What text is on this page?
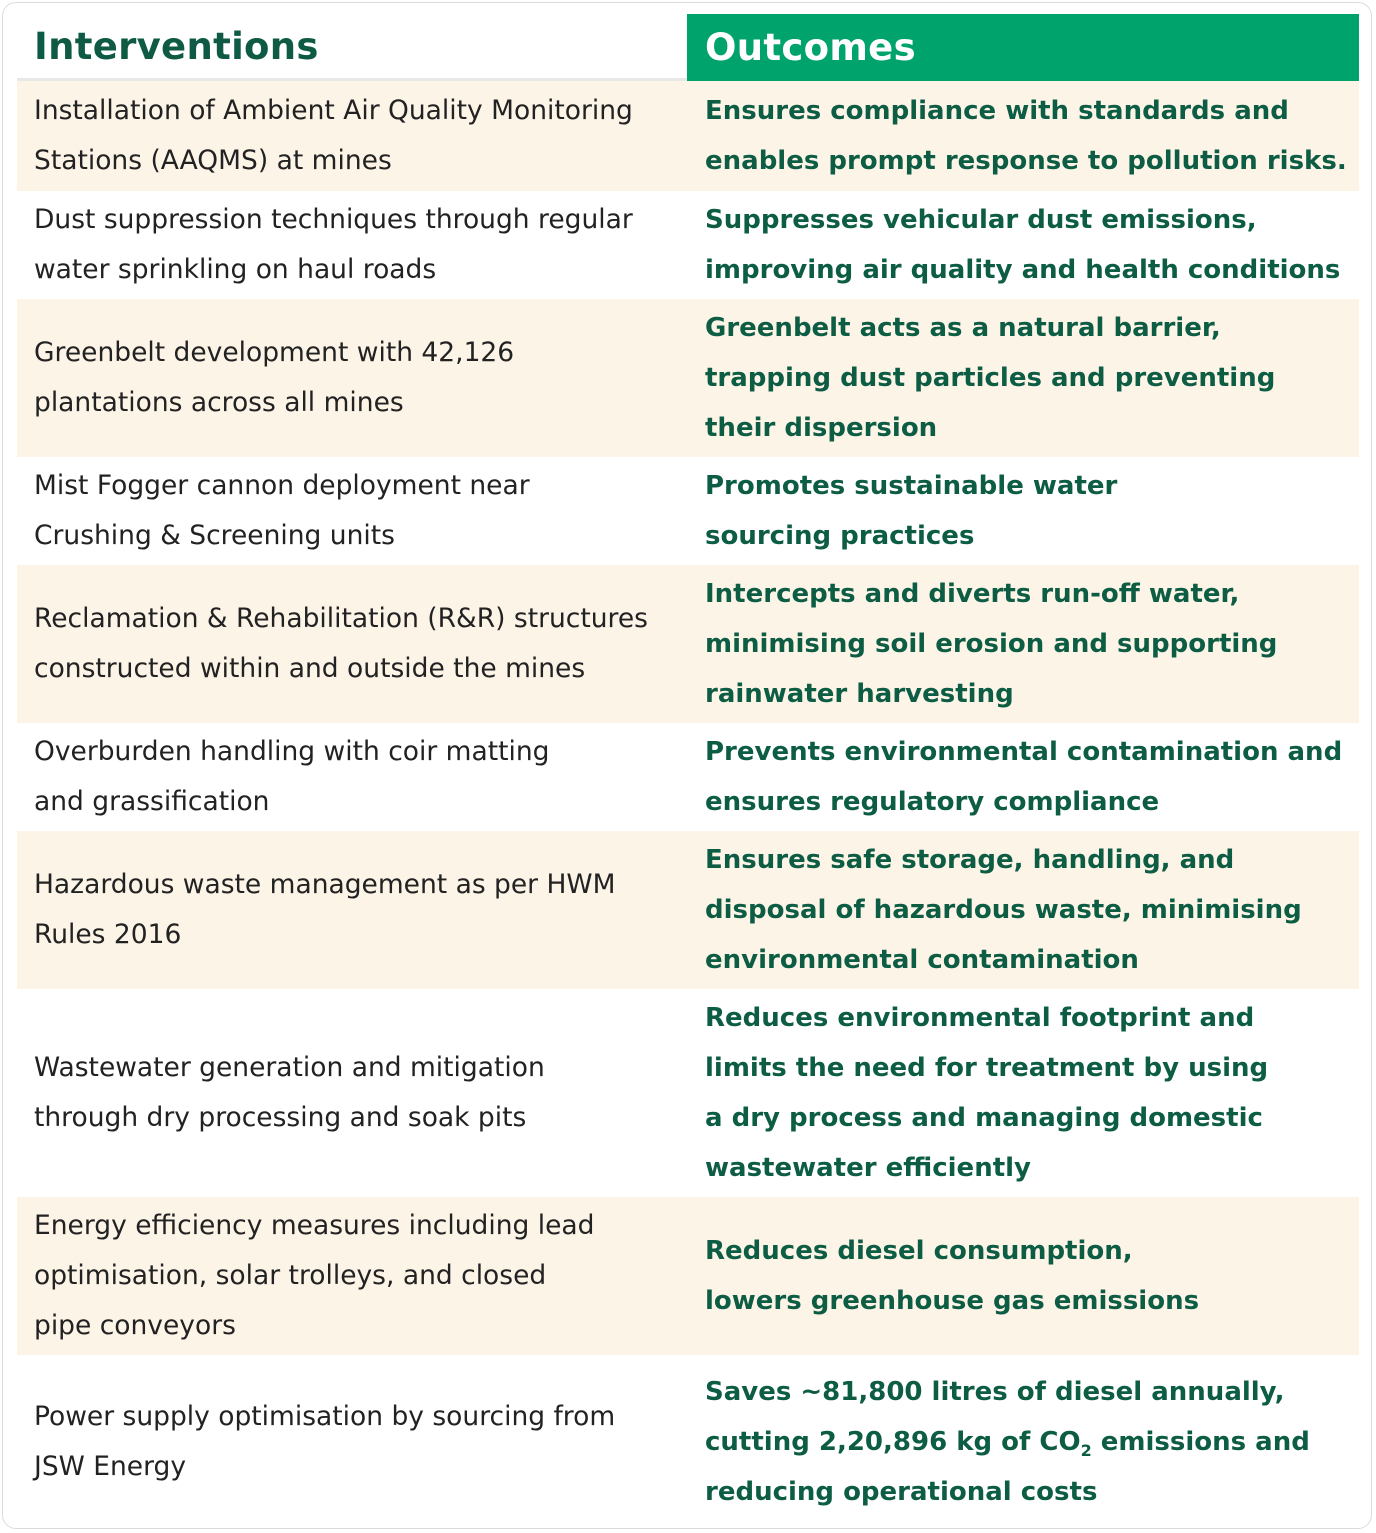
Interventions	Outcomes
Installation of Ambient Air Quality Monitoring
Stations (AAQMS) at mines
Ensures compliance with standards and
enables prompt response to pollution risks.
Dust suppression techniques through regular
water sprinkling on haul roads
Suppresses vehicular dust emissions,
improving air quality and health conditions
Greenbelt development with 42,126
plantations across all mines
Greenbelt acts as a natural barrier,
trapping dust particles and preventing
their dispersion
Mist Fogger cannon deployment near
Crushing & Screening units
Promotes sustainable water
sourcing practices
Reclamation & Rehabilitation (R&R) structures
constructed within and outside the mines
Intercepts and diverts run-off water,
minimising soil erosion and supporting
rainwater harvesting
Overburden handling with coir matting
and grassification
Prevents environmental contamination and
ensures regulatory compliance
Hazardous waste management as per HWM
Rules 2016
Ensures safe storage, handling, and
disposal of hazardous waste, minimising
environmental contamination
Wastewater generation and mitigation
through dry processing and soak pits
Reduces environmental footprint and
limits the need for treatment by using
a dry process and managing domestic
wastewater efficiently
Energy efficiency measures including lead
optimisation, solar trolleys, and closed
pipe conveyors
Reduces diesel consumption,
lowers greenhouse gas emissions
Power supply optimisation by sourcing from
JSW Energy
Saves ~81,800 litres of diesel annually,
cutting 2,20,896 kg of $CO_2$ emissions and
reducing operational costs
